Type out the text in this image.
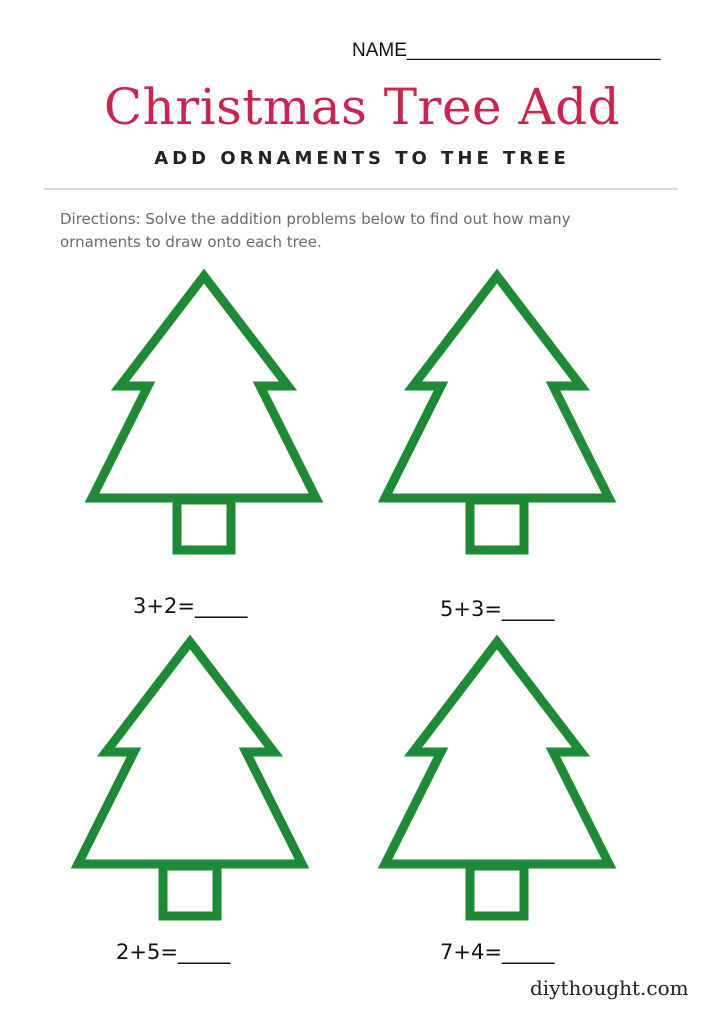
NAME________________________
Christmas Tree Add
ADD ORNAMENTS TO THE TREE
Directions: Solve the addition problems below to find out how many ornaments to draw onto each tree.
3+2=_____	5+3=_____
2+5=_____	7+4=_____
diythought.com
